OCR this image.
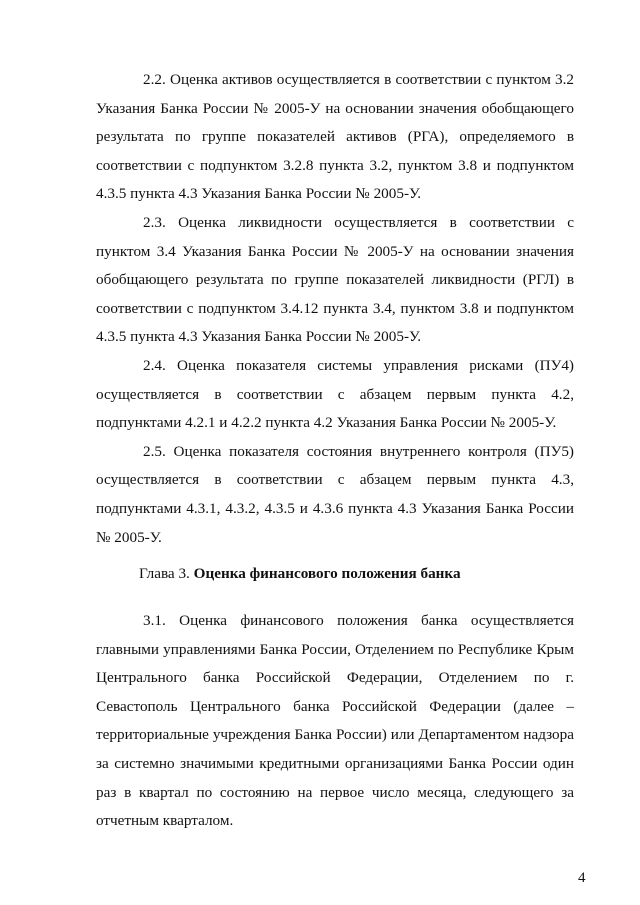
2.2. Оценка активов осуществляется в соответствии с пунктом 3.2 Указания Банка России № 2005-У на основании значения обобщающего результата по группе показателей активов (РГА), определяемого в соответствии с подпунктом 3.2.8 пункта 3.2, пунктом 3.8 и подпунктом 4.3.5 пункта 4.3 Указания Банка России № 2005-У.

2.3. Оценка ликвидности осуществляется в соответствии с пунктом 3.4 Указания Банка России № 2005-У на основании значения обобщающего результата по группе показателей ликвидности (РГЛ) в соответствии с подпунктом 3.4.12 пункта 3.4, пунктом 3.8 и подпунктом 4.3.5 пункта 4.3 Указания Банка России № 2005-У.

2.4. Оценка показателя системы управления рисками (ПУ4) осуществляется в соответствии с абзацем первым пункта 4.2, подпунктами 4.2.1 и 4.2.2 пункта 4.2 Указания Банка России № 2005-У.

2.5. Оценка показателя состояния внутреннего контроля (ПУ5) осуществляется в соответствии с абзацем первым пункта 4.3, подпунктами 4.3.1, 4.3.2, 4.3.5 и 4.3.6 пункта 4.3 Указания Банка России № 2005-У.

Глава 3. Оценка финансового положения банка

3.1. Оценка финансового положения банка осуществляется главными управлениями Банка России, Отделением по Республике Крым Центрального банка Российской Федерации, Отделением по г. Севастополь Центрального банка Российской Федерации (далее – территориальные учреждения Банка России) или Департаментом надзора за системно значимыми кредитными организациями Банка России один раз в квартал по состоянию на первое число месяца, следующего за отчетным кварталом.

4
